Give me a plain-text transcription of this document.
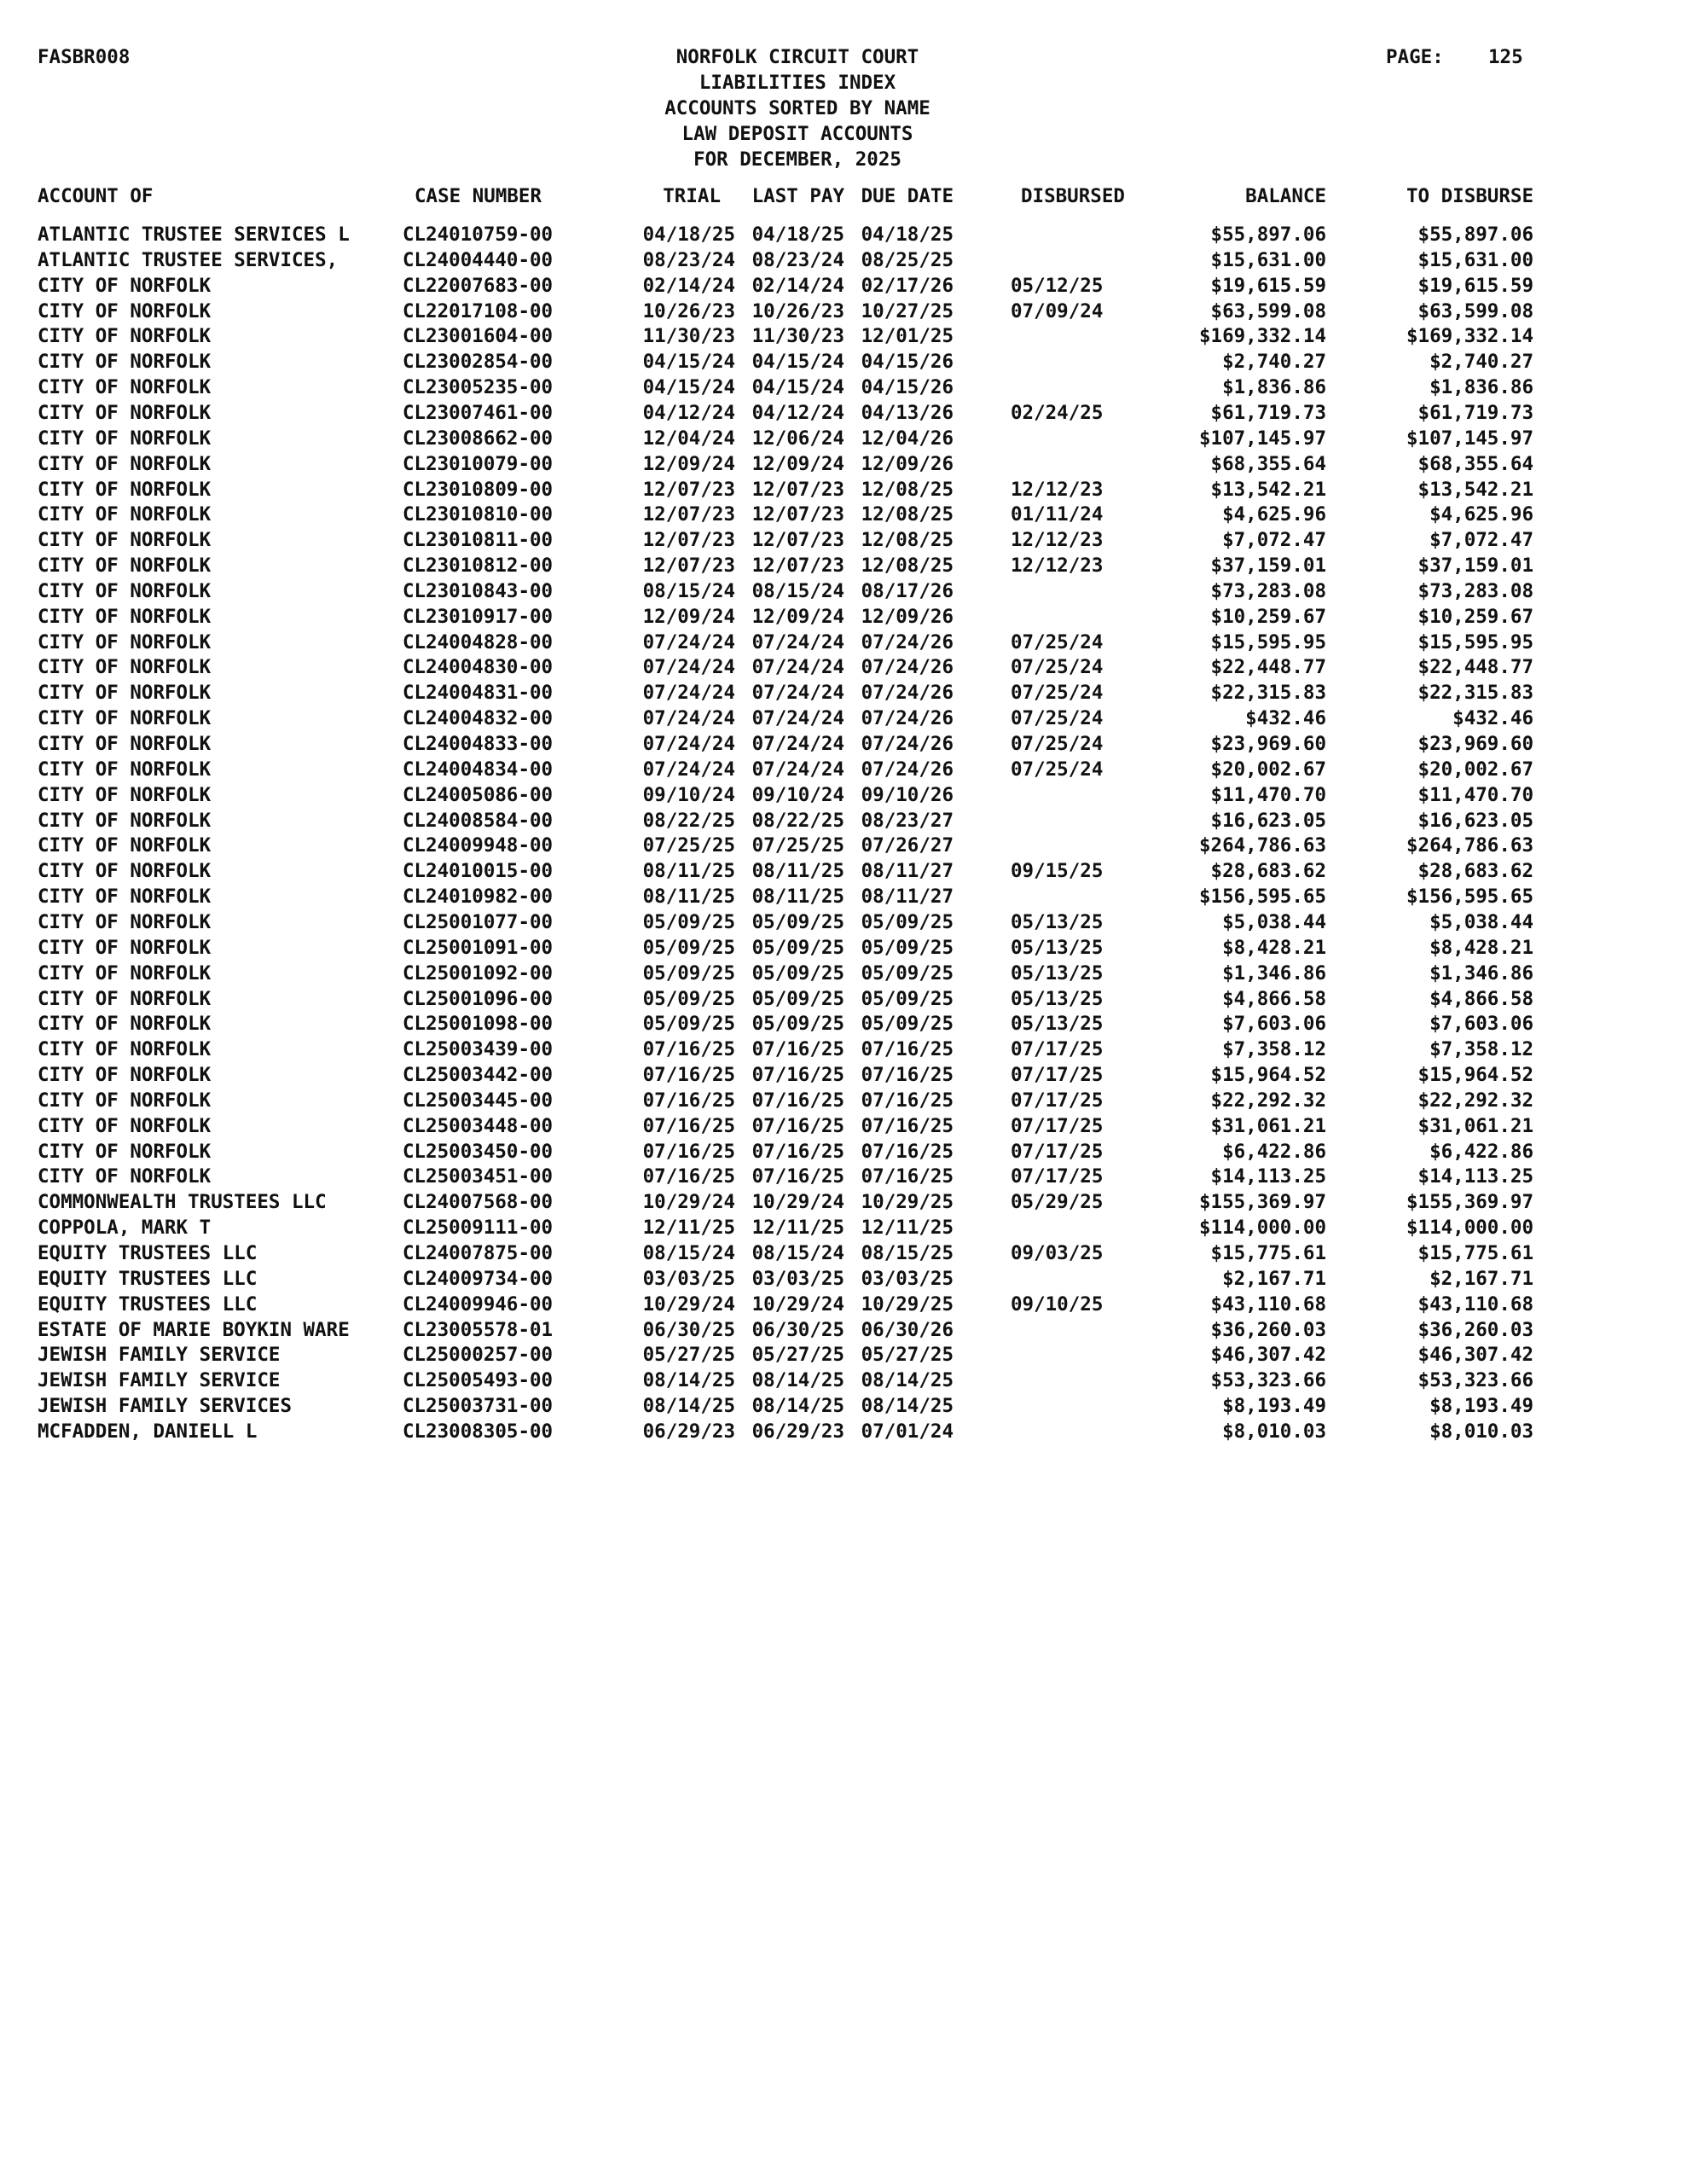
FASBR008	PAGE: 125
NORFOLK CIRCUIT COURT
LIABILITIES INDEX
ACCOUNTS SORTED BY NAME
LAW DEPOSIT ACCOUNTS
FOR DECEMBER, 2025
ACCOUNT OF	CASE NUMBER	TRIAL	LAST PAY DUE DATE	DISBURSED	BALANCE	TO DISBURSE
ATLANTIC TRUSTEE SERVICES L	CL24010759-00	04/18/25 04/18/25 04/18/25	$55,897.06	$55,897.06
ATLANTIC TRUSTEE SERVICES,	CL24004440-00	08/23/24 08/23/24 08/25/25	$15,631.00	$15,631.00
CITY OF NORFOLK	CL22007683-00	02/14/24 02/14/24 02/17/26	05/12/25	$19,615.59	$19,615.59
CITY OF NORFOLK	CL22017108-00	10/26/23 10/26/23 10/27/25	07/09/24	$63,599.08	$63,599.08
CITY OF NORFOLK	CL23001604-00	11/30/23 11/30/23 12/01/25	$169,332.14	$169,332.14
CITY OF NORFOLK	CL23002854-00	04/15/24 04/15/24 04/15/26	$2,740.27	$2,740.27
CITY OF NORFOLK	CL23005235-00	04/15/24 04/15/24 04/15/26	$1,836.86	$1,836.86
CITY OF NORFOLK	CL23007461-00	04/12/24 04/12/24 04/13/26	02/24/25	$61,719.73	$61,719.73
CITY OF NORFOLK	CL23008662-00	12/04/24 12/06/24 12/04/26	$107,145.97	$107,145.97
CITY OF NORFOLK	CL23010079-00	12/09/24 12/09/24 12/09/26	$68,355.64	$68,355.64
CITY OF NORFOLK	CL23010809-00	12/07/23 12/07/23 12/08/25	12/12/23	$13,542.21	$13,542.21
CITY OF NORFOLK	CL23010810-00	12/07/23 12/07/23 12/08/25	01/11/24	$4,625.96	$4,625.96
CITY OF NORFOLK	CL23010811-00	12/07/23 12/07/23 12/08/25	12/12/23	$7,072.47	$7,072.47
CITY OF NORFOLK	CL23010812-00	12/07/23 12/07/23 12/08/25	12/12/23	$37,159.01	$37,159.01
CITY OF NORFOLK	CL23010843-00	08/15/24 08/15/24 08/17/26	$73,283.08	$73,283.08
CITY OF NORFOLK	CL23010917-00	12/09/24 12/09/24 12/09/26	$10,259.67	$10,259.67
CITY OF NORFOLK	CL24004828-00	07/24/24 07/24/24 07/24/26	07/25/24	$15,595.95	$15,595.95
CITY OF NORFOLK	CL24004830-00	07/24/24 07/24/24 07/24/26	07/25/24	$22,448.77	$22,448.77
CITY OF NORFOLK	CL24004831-00	07/24/24 07/24/24 07/24/26	07/25/24	$22,315.83	$22,315.83
CITY OF NORFOLK	CL24004832-00	07/24/24 07/24/24 07/24/26	07/25/24	$432.46	$432.46
CITY OF NORFOLK	CL24004833-00	07/24/24 07/24/24 07/24/26	07/25/24	$23,969.60	$23,969.60
CITY OF NORFOLK	CL24004834-00	07/24/24 07/24/24 07/24/26	07/25/24	$20,002.67	$20,002.67
CITY OF NORFOLK	CL24005086-00	09/10/24 09/10/24 09/10/26	$11,470.70	$11,470.70
CITY OF NORFOLK	CL24008584-00	08/22/25 08/22/25 08/23/27	$16,623.05	$16,623.05
CITY OF NORFOLK	CL24009948-00	07/25/25 07/25/25 07/26/27	$264,786.63	$264,786.63
CITY OF NORFOLK	CL24010015-00	08/11/25 08/11/25 08/11/27	09/15/25	$28,683.62	$28,683.62
CITY OF NORFOLK	CL24010982-00	08/11/25 08/11/25 08/11/27	$156,595.65	$156,595.65
CITY OF NORFOLK	CL25001077-00	05/09/25 05/09/25 05/09/25	05/13/25	$5,038.44	$5,038.44
CITY OF NORFOLK	CL25001091-00	05/09/25 05/09/25 05/09/25	05/13/25	$8,428.21	$8,428.21
CITY OF NORFOLK	CL25001092-00	05/09/25 05/09/25 05/09/25	05/13/25	$1,346.86	$1,346.86
CITY OF NORFOLK	CL25001096-00	05/09/25 05/09/25 05/09/25	05/13/25	$4,866.58	$4,866.58
CITY OF NORFOLK	CL25001098-00	05/09/25 05/09/25 05/09/25	05/13/25	$7,603.06	$7,603.06
CITY OF NORFOLK	CL25003439-00	07/16/25 07/16/25 07/16/25	07/17/25	$7,358.12	$7,358.12
CITY OF NORFOLK	CL25003442-00	07/16/25 07/16/25 07/16/25	07/17/25	$15,964.52	$15,964.52
CITY OF NORFOLK	CL25003445-00	07/16/25 07/16/25 07/16/25	07/17/25	$22,292.32	$22,292.32
CITY OF NORFOLK	CL25003448-00	07/16/25 07/16/25 07/16/25	07/17/25	$31,061.21	$31,061.21
CITY OF NORFOLK	CL25003450-00	07/16/25 07/16/25 07/16/25	07/17/25	$6,422.86	$6,422.86
CITY OF NORFOLK	CL25003451-00	07/16/25 07/16/25 07/16/25	07/17/25	$14,113.25	$14,113.25
COMMONWEALTH TRUSTEES LLC	CL24007568-00	10/29/24 10/29/24 10/29/25	05/29/25	$155,369.97	$155,369.97
COPPOLA, MARK T	CL25009111-00	12/11/25 12/11/25 12/11/25	$114,000.00	$114,000.00
EQUITY TRUSTEES LLC	CL24007875-00	08/15/24 08/15/24 08/15/25	09/03/25	$15,775.61	$15,775.61
EQUITY TRUSTEES LLC	CL24009734-00	03/03/25 03/03/25 03/03/25	$2,167.71	$2,167.71
EQUITY TRUSTEES LLC	CL24009946-00	10/29/24 10/29/24 10/29/25	09/10/25	$43,110.68	$43,110.68
ESTATE OF MARIE BOYKIN WARE	CL23005578-01	06/30/25 06/30/25 06/30/26	$36,260.03	$36,260.03
JEWISH FAMILY SERVICE	CL25000257-00	05/27/25 05/27/25 05/27/25	$46,307.42	$46,307.42
JEWISH FAMILY SERVICE	CL25005493-00	08/14/25 08/14/25 08/14/25	$53,323.66	$53,323.66
JEWISH FAMILY SERVICES	CL25003731-00	08/14/25 08/14/25 08/14/25	$8,193.49	$8,193.49
MCFADDEN, DANIELL L	CL23008305-00	06/29/23 06/29/23 07/01/24	$8,010.03	$8,010.03
